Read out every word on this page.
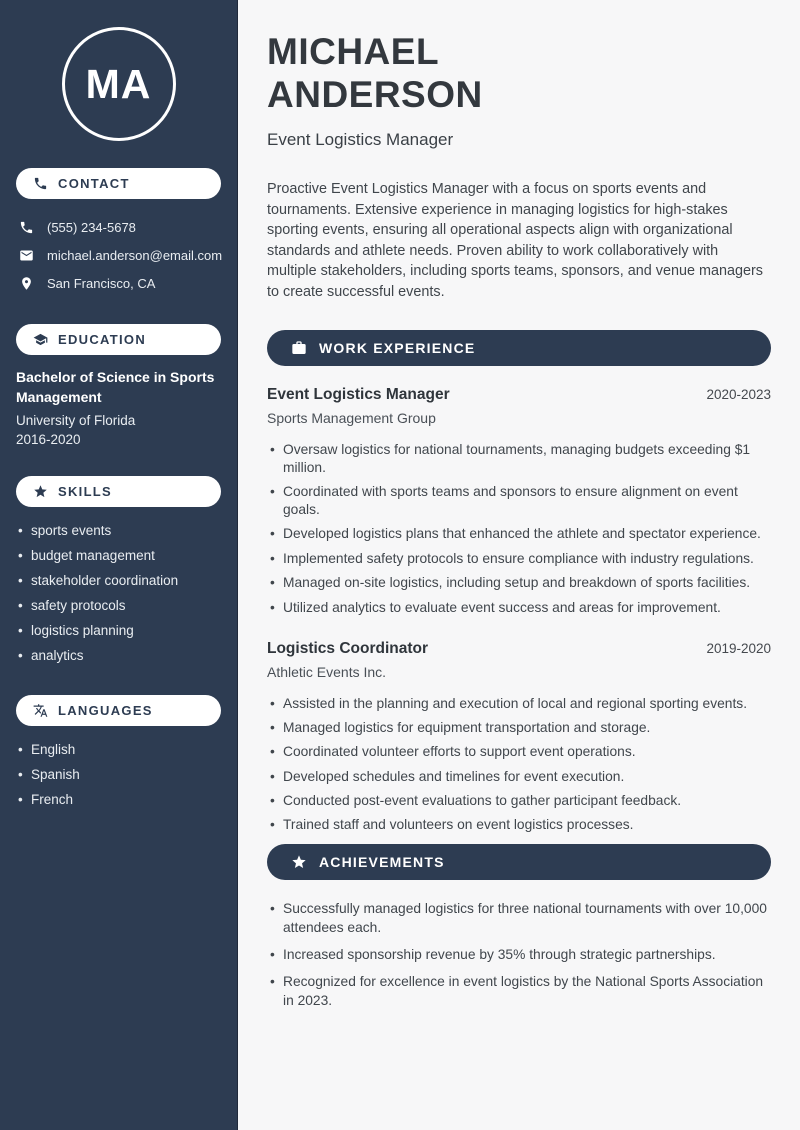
MA
CONTACT
(555) 234-5678
michael.anderson@email.com
San Francisco, CA
EDUCATION
Bachelor of Science in Sports Management
University of Florida
2016-2020
SKILLS
• sports events
• budget management
• stakeholder coordination
• safety protocols
• logistics planning
• analytics
LANGUAGES
• English
• Spanish
• French
MICHAEL
ANDERSON
Event Logistics Manager

Proactive Event Logistics Manager with a focus on sports events and tournaments. Extensive experience in managing logistics for high-stakes sporting events, ensuring all operational aspects align with organizational standards and athlete needs. Proven ability to work collaboratively with multiple stakeholders, including sports teams, sponsors, and venue managers to create successful events.

WORK EXPERIENCE
Event Logistics Manager	2020-2023
Sports Management Group
• Oversaw logistics for national tournaments, managing budgets exceeding $1 million.
• Coordinated with sports teams and sponsors to ensure alignment on event goals.
• Developed logistics plans that enhanced the athlete and spectator experience.
• Implemented safety protocols to ensure compliance with industry regulations.
• Managed on-site logistics, including setup and breakdown of sports facilities.
• Utilized analytics to evaluate event success and areas for improvement.
Logistics Coordinator	2019-2020
Athletic Events Inc.
• Assisted in the planning and execution of local and regional sporting events.
• Managed logistics for equipment transportation and storage.
• Coordinated volunteer efforts to support event operations.
• Developed schedules and timelines for event execution.
• Conducted post-event evaluations to gather participant feedback.
• Trained staff and volunteers on event logistics processes.
ACHIEVEMENTS
• Successfully managed logistics for three national tournaments with over 10,000 attendees each.
• Increased sponsorship revenue by 35% through strategic partnerships.
• Recognized for excellence in event logistics by the National Sports Association in 2023.
